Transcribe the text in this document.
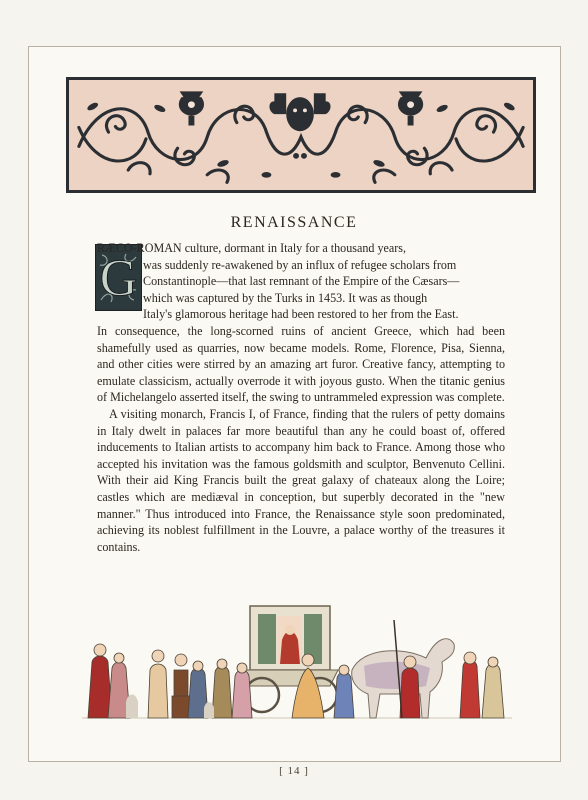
RENAISSANCE
G

RÆCO-ROMAN culture, dormant in Italy for a thousand years,
was suddenly re-awakened by an influx of refugee scholars from
Constantinople—that last remnant of the Empire of the Cæsars—
which was captured by the Turks in 1453. It was as though
Italy's glamorous heritage had been restored to her from the East.
In consequence, the long-scorned ruins of ancient Greece, which had been shamefully used as quarries, now became models. Rome, Florence, Pisa, Sienna, and other cities were stirred by an amazing art furor. Creative fancy, attempting to emulate classicism, actually overrode it with joyous gusto. When the titanic genius of Michelangelo asserted itself, the swing to untrammeled expression was complete.

A visiting monarch, Francis I, of France, finding that the rulers of petty domains in Italy dwelt in palaces far more beautiful than any he could boast of, offered inducements to Italian artists to accompany him back to France. Among those who accepted his invitation was the famous goldsmith and sculptor, Benvenuto Cellini. With their aid King Francis built the great galaxy of chateaux along the Loire; castles which are mediæval in conception, but superbly decorated in the "new manner." Thus introduced into France, the Renaissance style soon predominated, achieving its noblest fulfillment in the Louvre, a palace worthy of the treasures it contains.

[ 14 ]
